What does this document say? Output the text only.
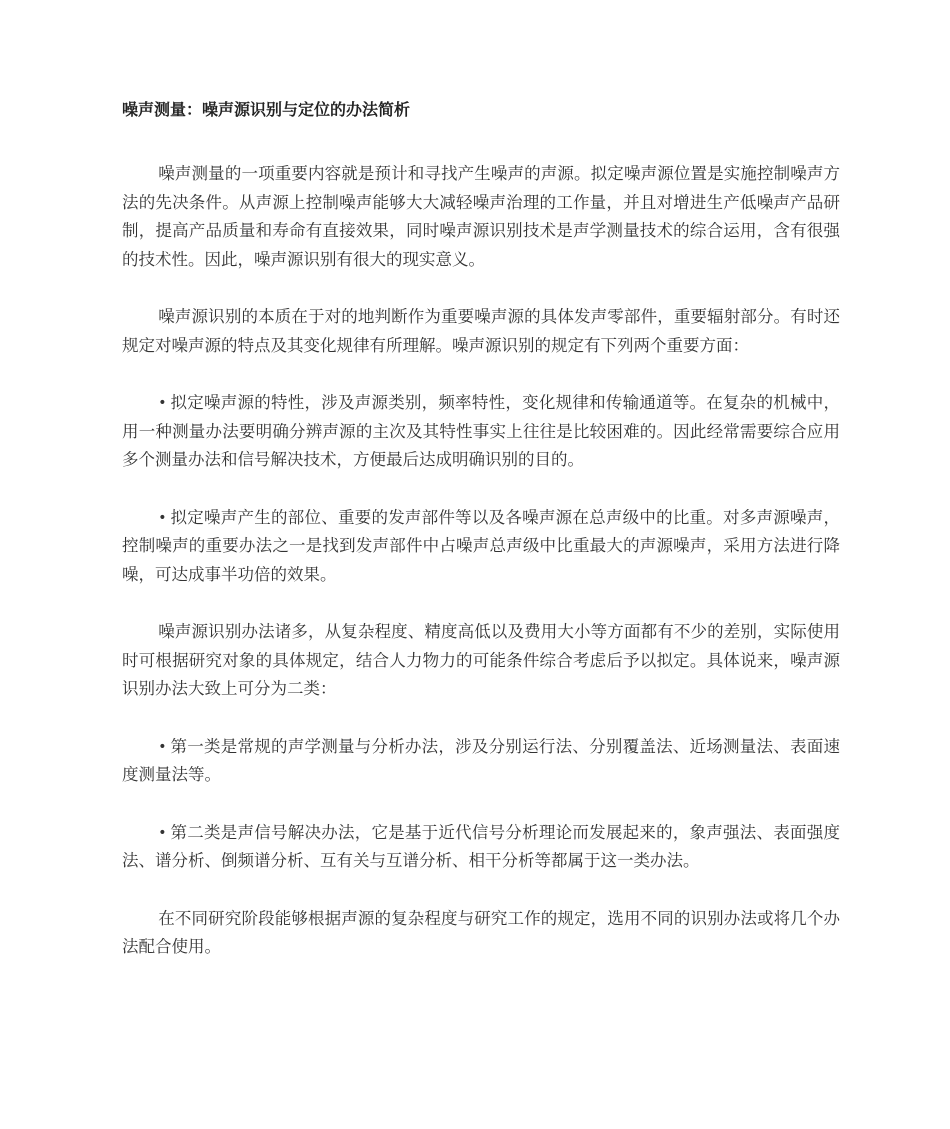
噪声测量：噪声源识别与定位的办法简析

噪声测量的一项重要内容就是预计和寻找产生噪声的声源。拟定噪声源位置是实施控制噪声方法的先决条件。从声源上控制噪声能够大大减轻噪声治理的工作量，并且对增进生产低噪声产品研制，提高产品质量和寿命有直接效果，同时噪声源识别技术是声学测量技术的综合运用，含有很强的技术性。因此，噪声源识别有很大的现实意义。

噪声源识别的本质在于对的地判断作为重要噪声源的具体发声零部件，重要辐射部分。有时还规定对噪声源的特点及其变化规律有所理解。噪声源识别的规定有下列两个重要方面：

• 拟定噪声源的特性，涉及声源类别，频率特性，变化规律和传输通道等。在复杂的机械中，用一种测量办法要明确分辨声源的主次及其特性事实上往往是比较困难的。因此经常需要综合应用多个测量办法和信号解决技术，方便最后达成明确识别的目的。

• 拟定噪声产生的部位、重要的发声部件等以及各噪声源在总声级中的比重。对多声源噪声，控制噪声的重要办法之一是找到发声部件中占噪声总声级中比重最大的声源噪声，采用方法进行降噪，可达成事半功倍的效果。

噪声源识别办法诸多，从复杂程度、精度高低以及费用大小等方面都有不少的差别，实际使用时可根据研究对象的具体规定，结合人力物力的可能条件综合考虑后予以拟定。具体说来，噪声源识别办法大致上可分为二类：

• 第一类是常规的声学测量与分析办法，涉及分别运行法、分别覆盖法、近场测量法、表面速度测量法等。

• 第二类是声信号解决办法，它是基于近代信号分析理论而发展起来的，象声强法、表面强度法、谱分析、倒频谱分析、互有关与互谱分析、相干分析等都属于这一类办法。

在不同研究阶段能够根据声源的复杂程度与研究工作的规定，选用不同的识别办法或将几个办法配合使用。
